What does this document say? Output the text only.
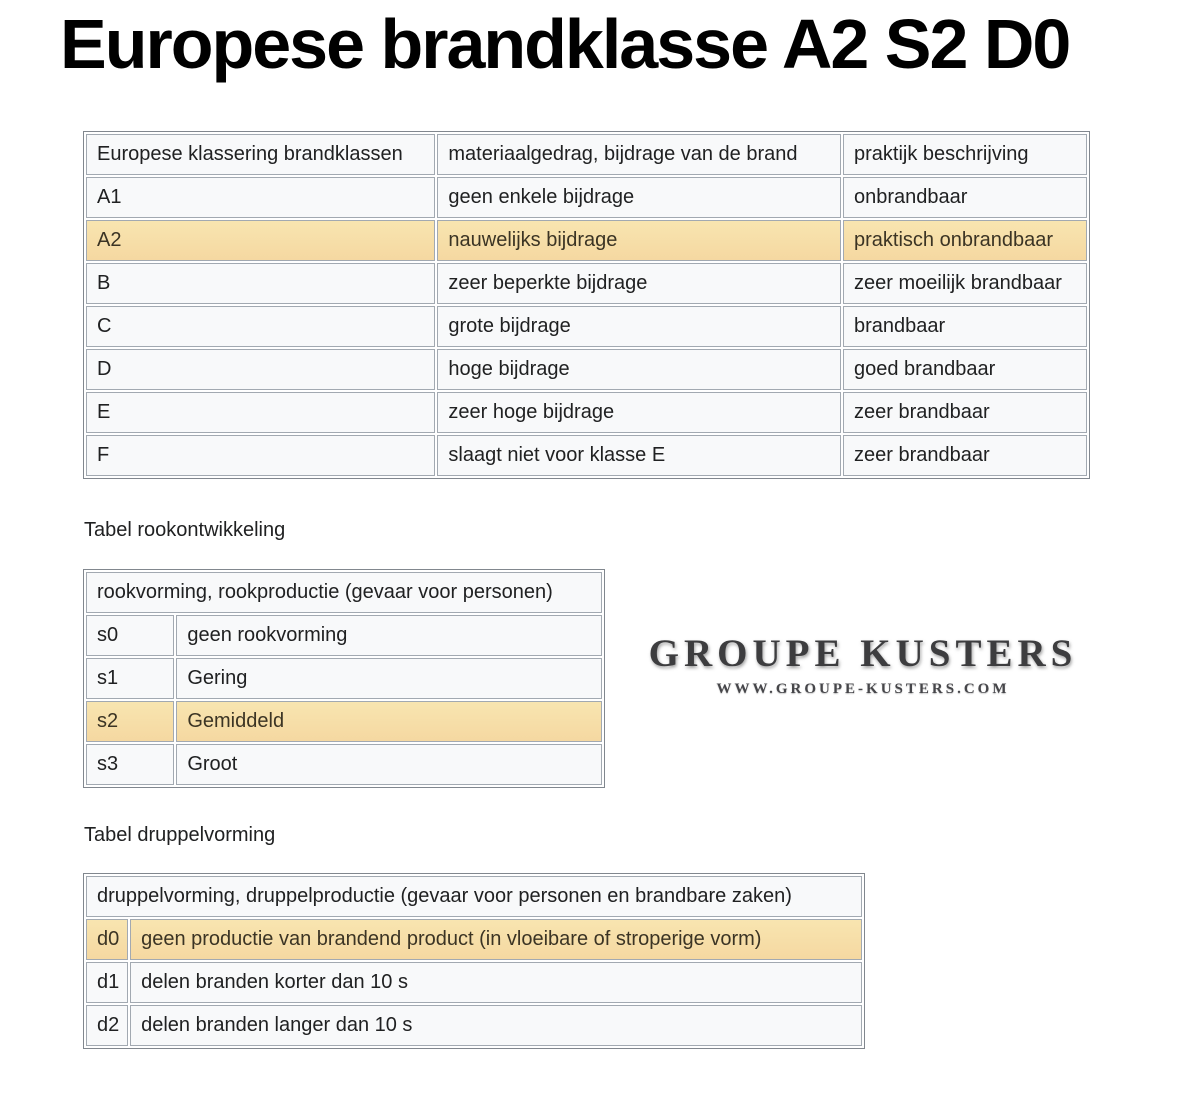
Europese brandklasse A2 S2 D0
Europese klassering brandklassen	materiaalgedrag, bijdrage van de brand	praktijk beschrijving
A1	geen enkele bijdrage	onbrandbaar
A2	nauwelijks bijdrage	praktisch onbrandbaar
B	zeer beperkte bijdrage	zeer moeilijk brandbaar
C	grote bijdrage	brandbaar
D	hoge bijdrage	goed brandbaar
E	zeer hoge bijdrage	zeer brandbaar
F	slaagt niet voor klasse E	zeer brandbaar
Tabel rookontwikkeling
rookvorming, rookproductie (gevaar voor personen)	
s0	geen rookvorming
s1	Gering
s2	Gemiddeld
s3	Groot
GROUPE KUSTERS
WWW.GROUPE-KUSTERS.COM
Tabel druppelvorming
druppelvorming, druppelproductie (gevaar voor personen en brandbare zaken)	
d0	geen productie van brandend product (in vloeibare of stroperige vorm)
d1	delen branden korter dan 10 s
d2	delen branden langer dan 10 s
